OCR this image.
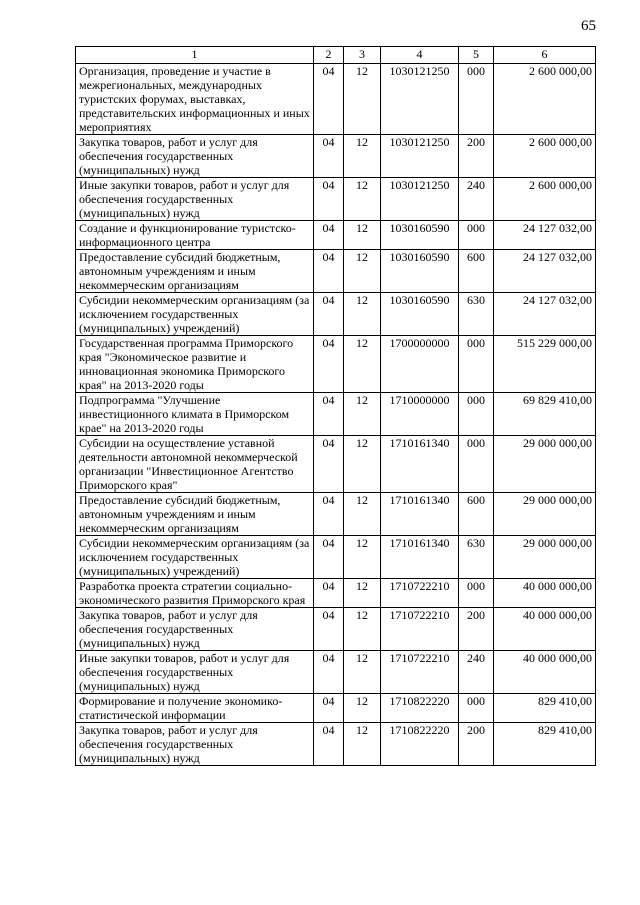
65
1	2	3	4	5	6
Организация, проведение и участие в межрегиональных, международных туристских форумах, выставках, представительских информационных и иных мероприятиях	04	12	1030121250	000	2 600 000,00
Закупка товаров, работ и услуг для обеспечения государственных (муниципальных) нужд	04	12	1030121250	200	2 600 000,00
Иные закупки товаров, работ и услуг для обеспечения государственных (муниципальных) нужд	04	12	1030121250	240	2 600 000,00
Создание и функционирование туристско-информационного центра	04	12	1030160590	000	24 127 032,00
Предоставление субсидий бюджетным, автономным учреждениям и иным некоммерческим организациям	04	12	1030160590	600	24 127 032,00
Субсидии некоммерческим организациям (за исключением государственных (муниципальных) учреждений)	04	12	1030160590	630	24 127 032,00
Государственная программа Приморского края "Экономическое развитие и инновационная экономика Приморского края" на 2013-2020 годы	04	12	1700000000	000	515 229 000,00
Подпрограмма "Улучшение инвестиционного климата в Приморском крае" на 2013-2020 годы	04	12	1710000000	000	69 829 410,00
Субсидии на осуществление уставной деятельности автономной некоммерческой организации "Инвестиционное Агентство Приморского края"	04	12	1710161340	000	29 000 000,00
Предоставление субсидий бюджетным, автономным учреждениям и иным некоммерческим организациям	04	12	1710161340	600	29 000 000,00
Субсидии некоммерческим организациям (за исключением государственных (муниципальных) учреждений)	04	12	1710161340	630	29 000 000,00
Разработка проекта стратегии социально-экономического развития Приморского края	04	12	1710722210	000	40 000 000,00
Закупка товаров, работ и услуг для обеспечения государственных (муниципальных) нужд	04	12	1710722210	200	40 000 000,00
Иные закупки товаров, работ и услуг для обеспечения государственных (муниципальных) нужд	04	12	1710722210	240	40 000 000,00
Формирование и получение экономико-статистической информации	04	12	1710822220	000	829 410,00
Закупка товаров, работ и услуг для обеспечения государственных (муниципальных) нужд	04	12	1710822220	200	829 410,00
